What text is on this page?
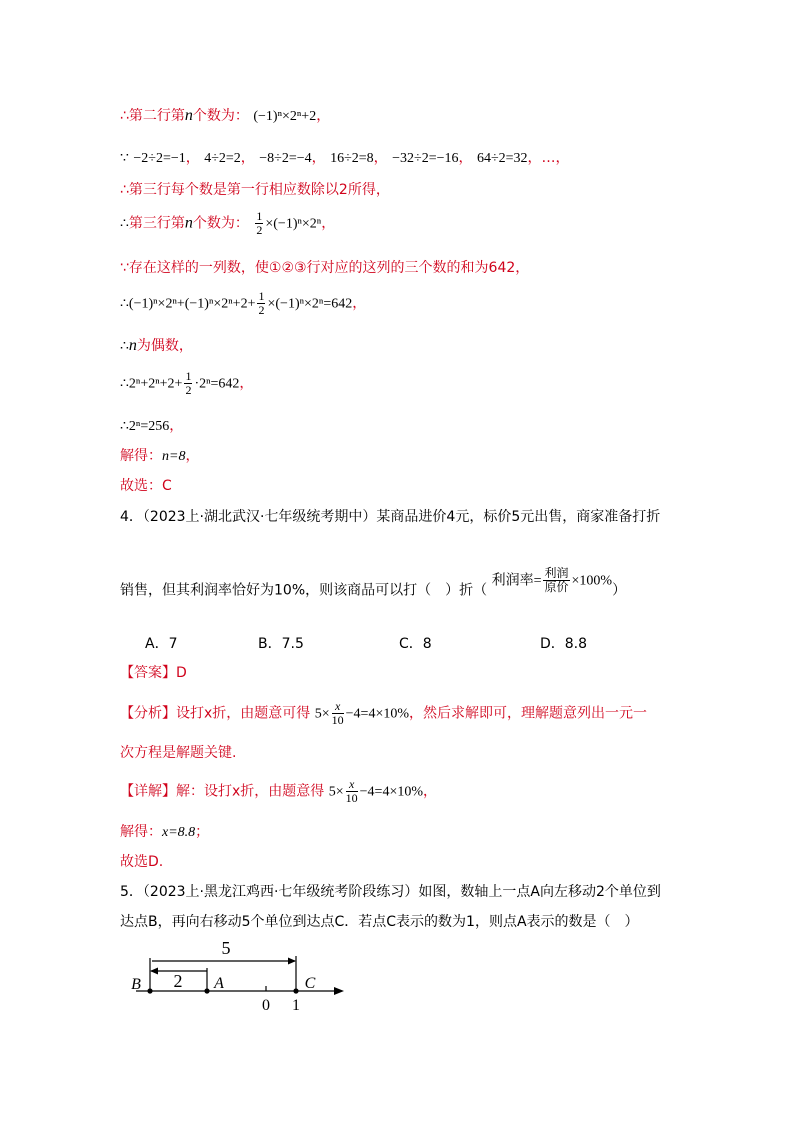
∴第二行第n个数为： (−1)ⁿ×2ⁿ+2，
∵ −2÷2=−1， 4÷2=2， −8÷2=−4， 16÷2=8， −32÷2=−16， 64÷2=32，…，
∴第三行每个数是第一行相应数除以2所得，
∴第三行第n个数为： $\frac{1}{2} \times(-1)^n\times 2^n$，
∵存在这样的一列数，使①②③行对应的这列的三个数的和为642，
∴(−1)ⁿ×2ⁿ+(−1)ⁿ×2ⁿ+2+ $\frac{1}{2} \times(-1)^n\times 2^n=642$，
∴n为偶数，
∴2ⁿ+2ⁿ+2+ $\frac{1}{2} \cdot 2^n=642$，
∴2ⁿ=256，
解得：n=8，
故选：C
4．（2023上·湖北武汉·七年级统考期中）某商品进价4元，标价5元出售，商家准备打折
销售，但其利润率恰好为10%，则该商品可以打（　）折（ 利润率= $\frac{\text{利润}}{\text{原价}} \times 100\%$）
A．7	B．7.5	C．8	D．8.8
【答案】D
【分析】设打x折，由题意可得 $5\times \frac{x}{10} -4=4\times 10\%$，然后求解即可，理解题意列出一元一
次方程是解题关键.
【详解】解：设打x折，由题意得 $5\times \frac{x}{10} -4=4\times 10\%$，
解得：x=8.8；
故选D.
5．（2023上·黑龙江鸡西·七年级统考阶段练习）如图，数轴上一点A向左移动2个单位到
达点B，再向右移动5个单位到达点C．若点C表示的数为1，则点A表示的数是（　）
5
2
B	A	C
0 1
